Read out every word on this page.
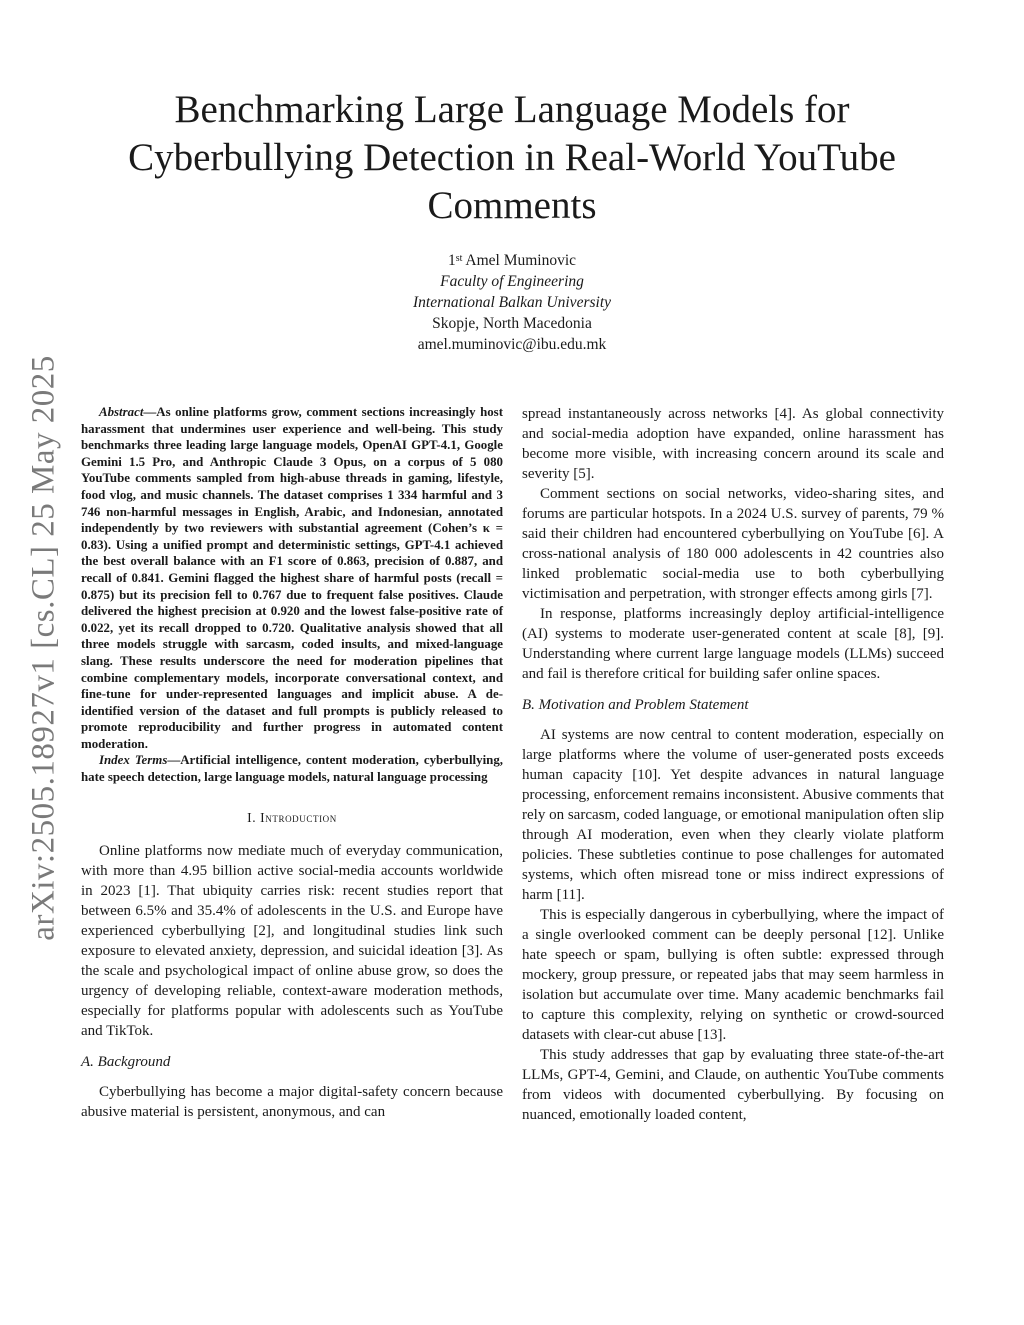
arXiv:2505.18927v1 [cs.CL] 25 May 2025
Benchmarking Large Language Models for
Cyberbullying Detection in Real-World YouTube
Comments
1st Amel Muminovic
Faculty of Engineering
International Balkan University
Skopje, North Macedonia
amel.muminovic@ibu.edu.mk

Abstract—As online platforms grow, comment sections increasingly host harassment that undermines user experience and well-being. This study benchmarks three leading large language models, OpenAI GPT-4.1, Google Gemini 1.5 Pro, and Anthropic Claude 3 Opus, on a corpus of 5 080 YouTube comments sampled from high-abuse threads in gaming, lifestyle, food vlog, and music channels. The dataset comprises 1 334 harmful and 3 746 non-harmful messages in English, Arabic, and Indonesian, annotated independently by two reviewers with substantial agreement (Cohen’s κ = 0.83). Using a unified prompt and deterministic settings, GPT-4.1 achieved the best overall balance with an F1 score of 0.863, precision of 0.887, and recall of 0.841. Gemini flagged the highest share of harmful posts (recall = 0.875) but its precision fell to 0.767 due to frequent false positives. Claude delivered the highest precision at 0.920 and the lowest false-positive rate of 0.022, yet its recall dropped to 0.720. Qualitative analysis showed that all three models struggle with sarcasm, coded insults, and mixed-language slang. These results underscore the need for moderation pipelines that combine complementary models, incorporate conversational context, and fine-tune for under-represented languages and implicit abuse. A de-identified version of the dataset and full prompts is publicly released to promote reproducibility and further progress in automated content moderation.

Index Terms—Artificial intelligence, content moderation, cyberbullying, hate speech detection, large language models, natural language processing

I. Introduction

Online platforms now mediate much of everyday communication, with more than 4.95 billion active social-media accounts worldwide in 2023 [1]. That ubiquity carries risk: recent studies report that between 6.5% and 35.4% of adolescents in the U.S. and Europe have experienced cyberbullying [2], and longitudinal studies link such exposure to elevated anxiety, depression, and suicidal ideation [3]. As the scale and psychological impact of online abuse grow, so does the urgency of developing reliable, context-aware moderation methods, especially for platforms popular with adolescents such as YouTube and TikTok.

A. Background

Cyberbullying has become a major digital-safety concern because abusive material is persistent, anonymous, and can

spread instantaneously across networks [4]. As global connectivity and social-media adoption have expanded, online harassment has become more visible, with increasing concern around its scale and severity [5].

Comment sections on social networks, video-sharing sites, and forums are particular hotspots. In a 2024 U.S. survey of parents, 79 % said their children had encountered cyberbullying on YouTube [6]. A cross-national analysis of 180 000 adolescents in 42 countries also linked problematic social-media use to both cyberbullying victimisation and perpetration, with stronger effects among girls [7].

In response, platforms increasingly deploy artificial-intelligence (AI) systems to moderate user-generated content at scale [8], [9]. Understanding where current large language models (LLMs) succeed and fail is therefore critical for building safer online spaces.

B. Motivation and Problem Statement

AI systems are now central to content moderation, especially on large platforms where the volume of user-generated posts exceeds human capacity [10]. Yet despite advances in natural language processing, enforcement remains inconsistent. Abusive comments that rely on sarcasm, coded language, or emotional manipulation often slip through AI moderation, even when they clearly violate platform policies. These subtleties continue to pose challenges for automated systems, which often misread tone or miss indirect expressions of harm [11].

This is especially dangerous in cyberbullying, where the impact of a single overlooked comment can be deeply personal [12]. Unlike hate speech or spam, bullying is often subtle: expressed through mockery, group pressure, or repeated jabs that may seem harmless in isolation but accumulate over time. Many academic benchmarks fail to capture this complexity, relying on synthetic or crowd-sourced datasets with clear-cut abuse [13].

This study addresses that gap by evaluating three state-of-the-art LLMs, GPT-4, Gemini, and Claude, on authentic YouTube comments from videos with documented cyberbullying. By focusing on nuanced, emotionally loaded content,
